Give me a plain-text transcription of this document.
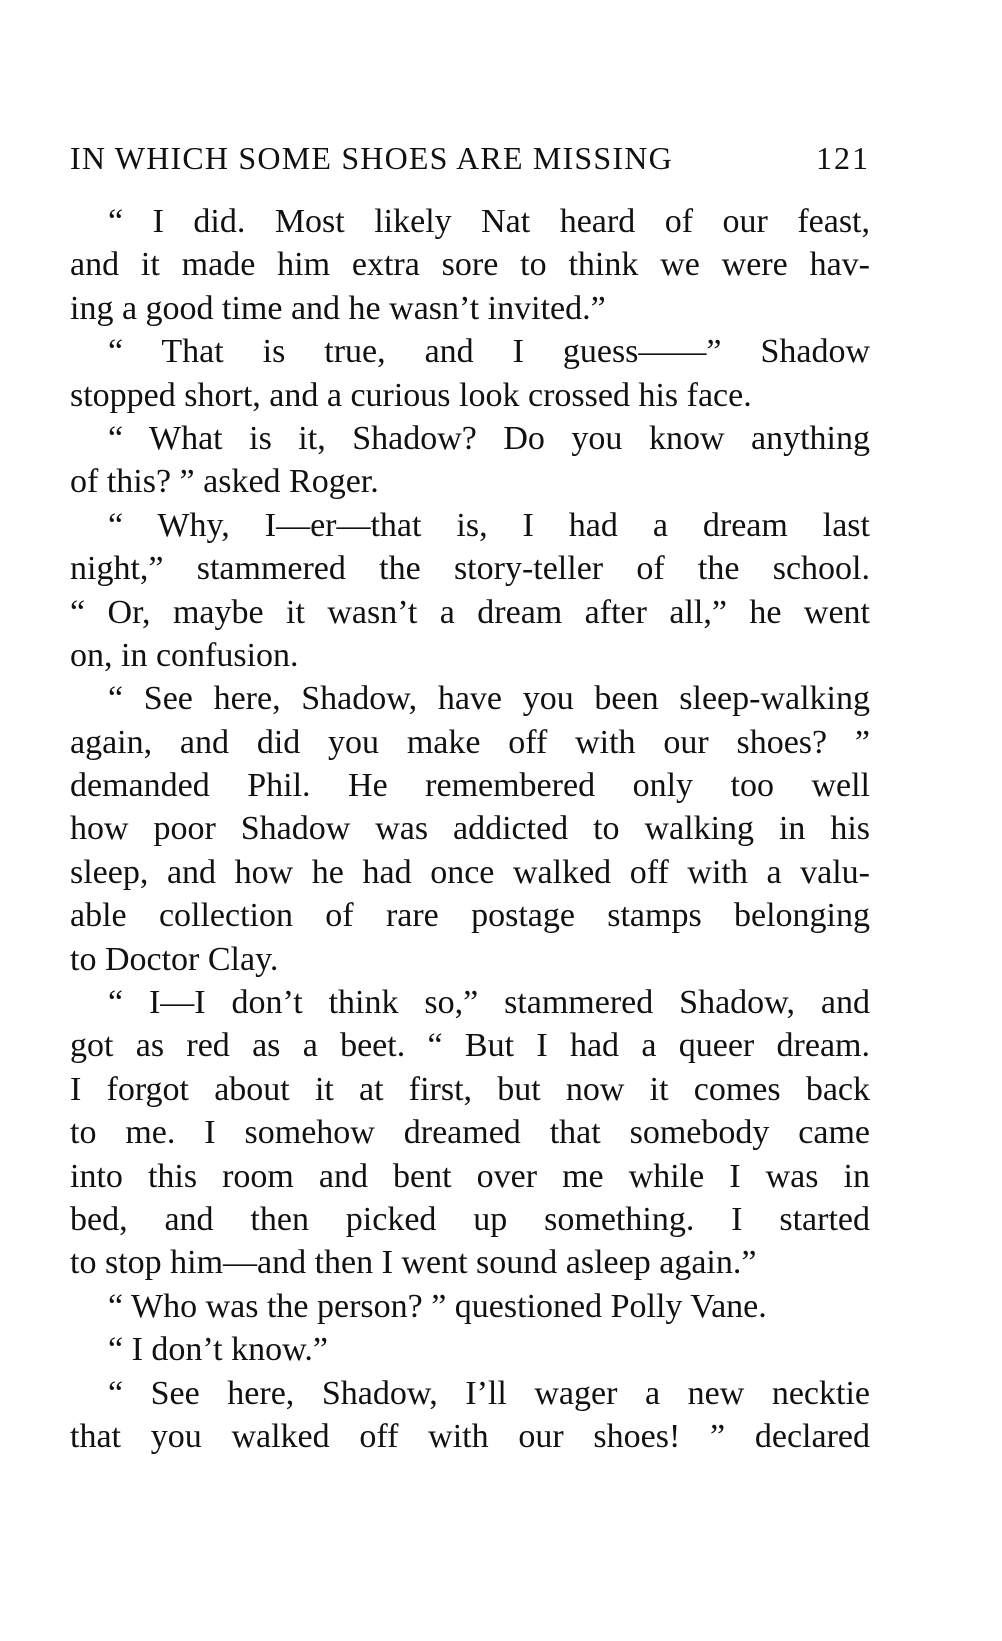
IN WHICH SOME SHOES ARE MISSING	121
“ I did. Most likely Nat heard of our feast,
and it made him extra sore to think we were hav-
ing a good time and he wasn’t invited.”
“ That is true, and I guess——” Shadow
stopped short, and a curious look crossed his face.
“ What is it, Shadow? Do you know anything
of this? ” asked Roger.
“ Why, I—er—that is, I had a dream last
night,” stammered the story-teller of the school.
“ Or, maybe it wasn’t a dream after all,” he went
on, in confusion.
“ See here, Shadow, have you been sleep-walking
again, and did you make off with our shoes? ”
demanded Phil. He remembered only too well
how poor Shadow was addicted to walking in his
sleep, and how he had once walked off with a valu-
able collection of rare postage stamps belonging
to Doctor Clay.
“ I—I don’t think so,” stammered Shadow, and
got as red as a beet. “ But I had a queer dream.
I forgot about it at first, but now it comes back
to me. I somehow dreamed that somebody came
into this room and bent over me while I was in
bed, and then picked up something. I started
to stop him—and then I went sound asleep again.”
“ Who was the person? ” questioned Polly Vane.
“ I don’t know.”
“ See here, Shadow, I’ll wager a new necktie
that you walked off with our shoes! ” declared
